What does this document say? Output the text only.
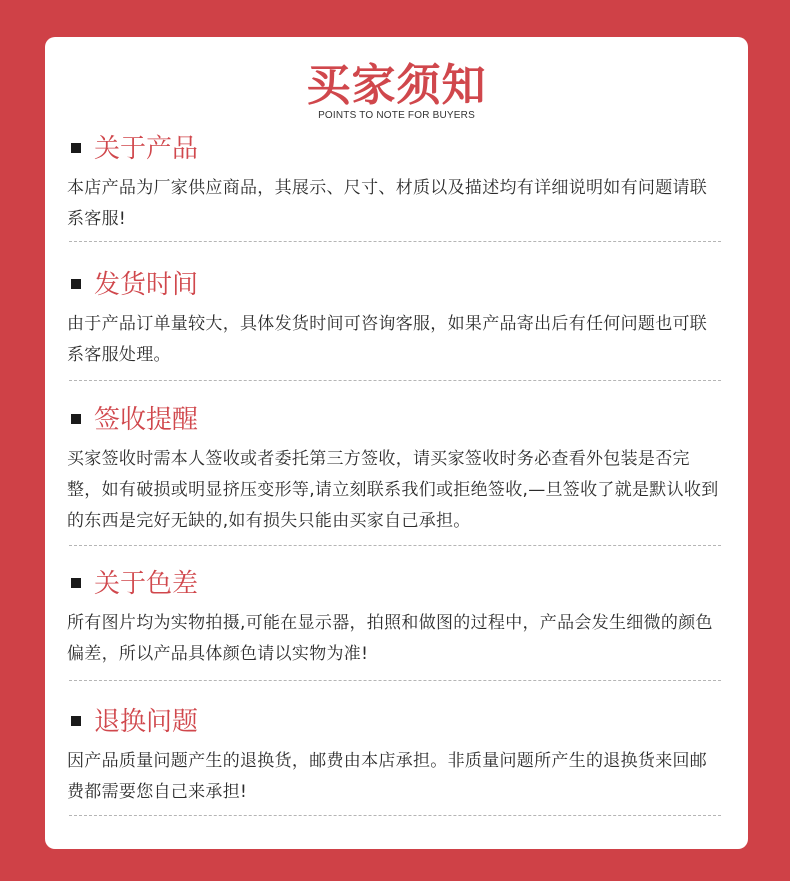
买家须知
POINTS TO NOTE FOR BUYERS
关于产品
本店产品为厂家供应商品，其展示、尺寸、材质以及描述均有详细说明如有问题请联系客服!
发货时间
由于产品订单量较大，具体发货时间可咨询客服，如果产品寄出后有任何问题也可联系客服处理。
签收提醒
买家签收时需本人签收或者委托第三方签收，请买家签收时务必查看外包装是否完整，如有破损或明显挤压变形等,请立刻联系我们或拒绝签收,—旦签收了就是默认收到的东西是完好无缺的,如有损失只能由买家自己承担。
关于色差
所有图片均为实物拍摄,可能在显示器，拍照和做图的过程中，产品会发生细微的颜色偏差，所以产品具体颜色请以实物为准!
退换问题
因产品质量问题产生的退换货，邮费由本店承担。非质量问题所产生的退换货来回邮费都需要您自己来承担!
